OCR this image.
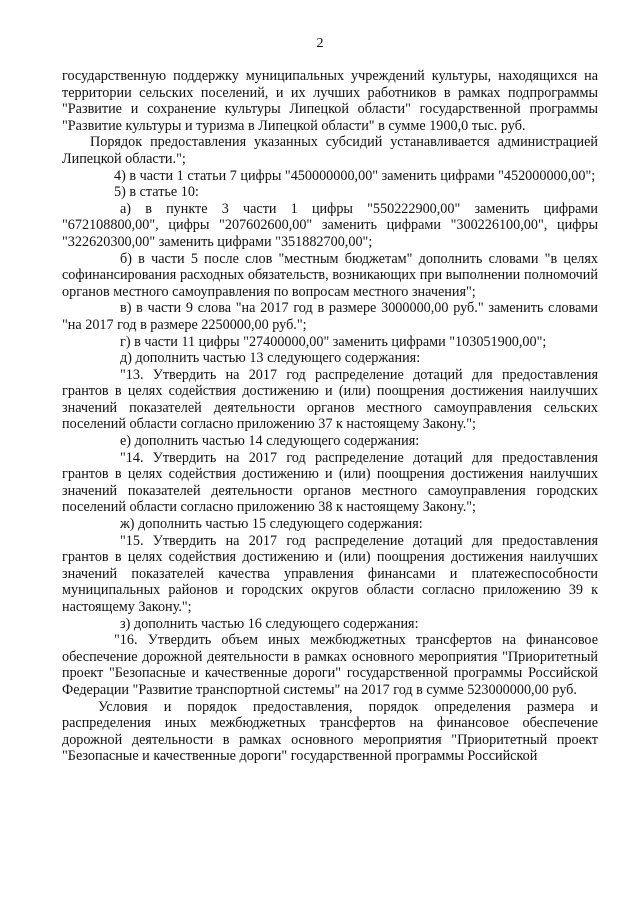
2

государственную поддержку муниципальных учреждений культуры, находящихся на территории сельских поселений, и их лучших работников в рамках подпрограммы "Развитие и сохранение культуры Липецкой области" государственной программы "Развитие культуры и туризма в Липецкой области" в сумме 1900,0 тыс. руб.

Порядок предоставления указанных субсидий устанавливается администрацией Липецкой области.";

4) в части 1 статьи 7 цифры "450000000,00" заменить цифрами "452000000,00";

5) в статье 10:

а) в пункте 3 части 1 цифры "550222900,00" заменить цифрами "672108800,00", цифры "207602600,00" заменить цифрами "300226100,00", цифры "322620300,00" заменить цифрами "351882700,00";

б) в части 5 после слов "местным бюджетам" дополнить словами "в целях софинансирования расходных обязательств, возникающих при выполнении полномочий органов местного самоуправления по вопросам местного значения";

в) в части 9 слова "на 2017 год в размере 3000000,00 руб." заменить словами "на 2017 год в размере 2250000,00 руб.";

г) в части 11 цифры "27400000,00" заменить цифрами "103051900,00";

д) дополнить частью 13 следующего содержания:

"13. Утвердить на 2017 год распределение дотаций для предоставления грантов в целях содействия достижению и (или) поощрения достижения наилучших значений показателей деятельности органов местного самоуправления сельских поселений области согласно приложению 37 к настоящему Закону.";

е) дополнить частью 14 следующего содержания:

"14. Утвердить на 2017 год распределение дотаций для предоставления грантов в целях содействия достижению и (или) поощрения достижения наилучших значений показателей деятельности органов местного самоуправления городских поселений области согласно приложению 38 к настоящему Закону.";

ж) дополнить частью 15 следующего содержания:

"15. Утвердить на 2017 год распределение дотаций для предоставления грантов в целях содействия достижению и (или) поощрения достижения наилучших значений показателей качества управления финансами и платежеспособности муниципальных районов и городских округов области согласно приложению 39 к настоящему Закону.";

з) дополнить частью 16 следующего содержания:

"16. Утвердить объем иных межбюджетных трансфертов на финансовое обеспечение дорожной деятельности в рамках основного мероприятия "Приоритетный проект "Безопасные и качественные дороги" государственной программы Российской Федерации "Развитие транспортной системы" на 2017 год в сумме 523000000,00 руб.

Условия и порядок предоставления, порядок определения размера и распределения иных межбюджетных трансфертов на финансовое обеспечение дорожной деятельности в рамках основного мероприятия "Приоритетный проект "Безопасные и качественные дороги" государственной программы Российской
